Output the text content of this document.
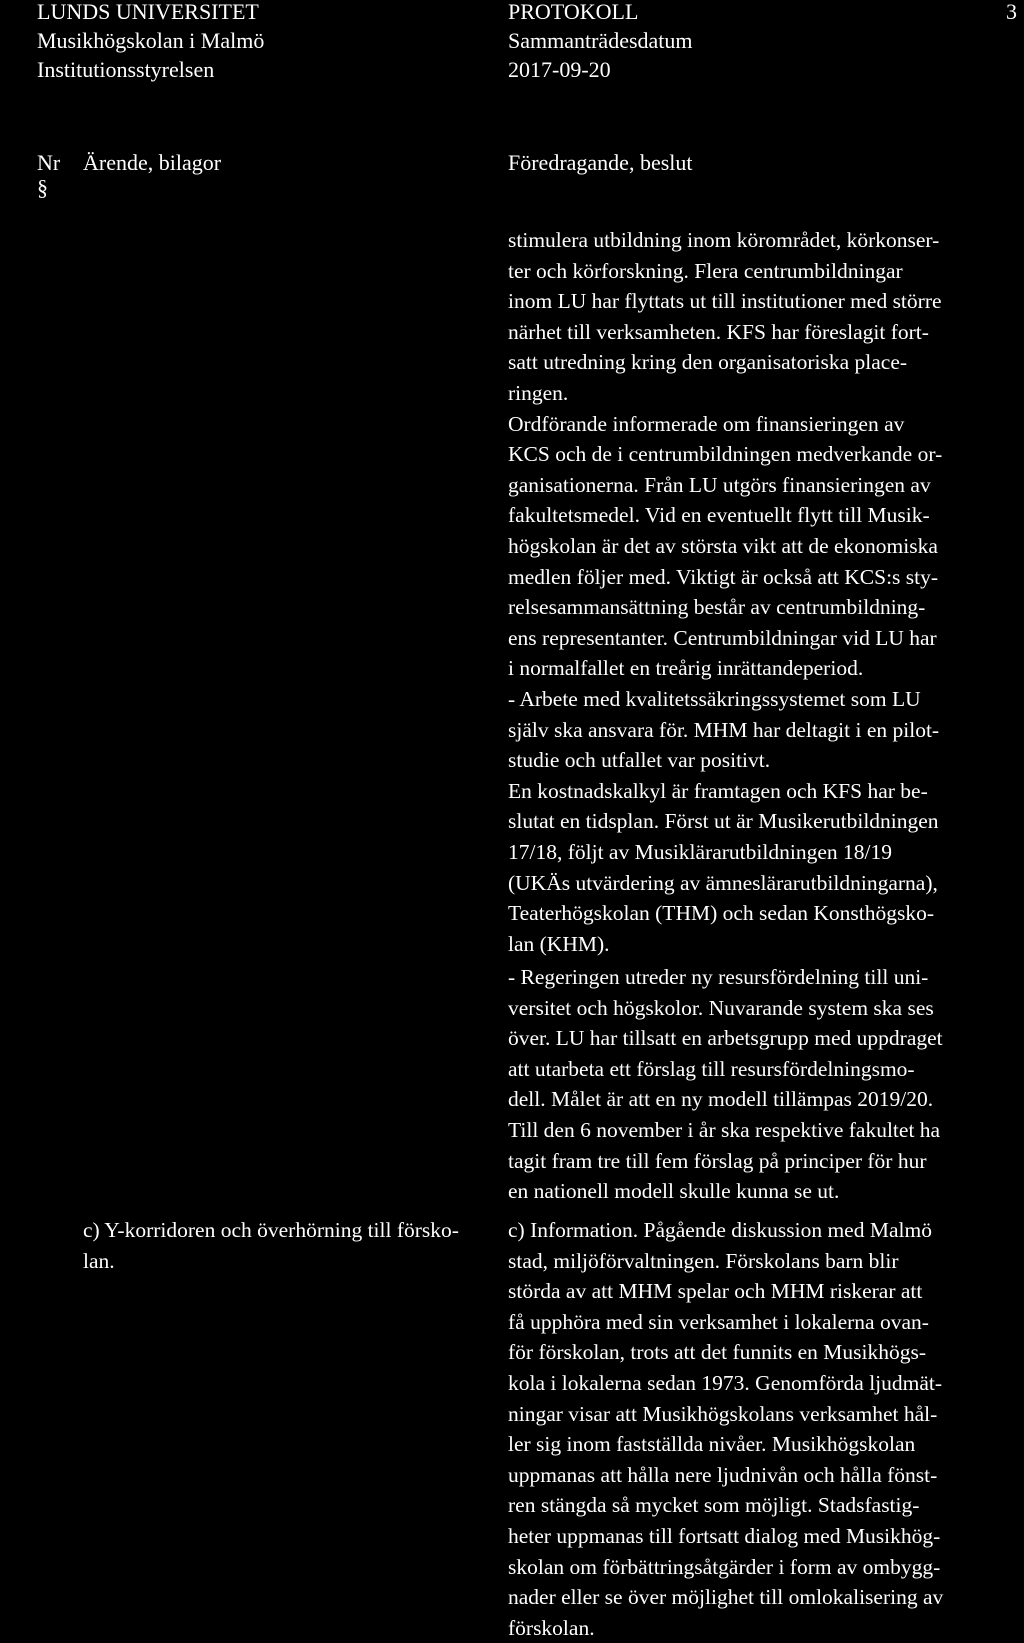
LUNDS UNIVERSITET
Musikhögskolan i Malmö
Institutionsstyrelsen
PROTOKOLL
Sammanträdesdatum
2017-09-20
3
Nr
§
Ärende, bilagor	Föredragande, beslut
stimulera utbildning inom körområdet, körkonser-
ter och körforskning. Flera centrumbildningar
inom LU har flyttats ut till institutioner med större
närhet till verksamheten. KFS har föreslagit fort-
satt utredning kring den organisatoriska place-
ringen.
Ordförande informerade om finansieringen av
KCS och de i centrumbildningen medverkande or-
ganisationerna. Från LU utgörs finansieringen av
fakultetsmedel. Vid en eventuellt flytt till Musik-
högskolan är det av största vikt att de ekonomiska
medlen följer med. Viktigt är också att KCS:s sty-
relsesammansättning består av centrumbildning-
ens representanter. Centrumbildningar vid LU har
i normalfallet en treårig inrättandeperiod.
- Arbete med kvalitetssäkringssystemet som LU
själv ska ansvara för. MHM har deltagit i en pilot-
studie och utfallet var positivt.
En kostnadskalkyl är framtagen och KFS har be-
slutat en tidsplan. Först ut är Musikerutbildningen
17/18, följt av Musiklärarutbildningen 18/19
(UKÄs utvärdering av ämneslärarutbildningarna),
Teaterhögskolan (THM) och sedan Konsthögsko-
lan (KHM).
- Regeringen utreder ny resursfördelning till uni-
versitet och högskolor. Nuvarande system ska ses
över. LU har tillsatt en arbetsgrupp med uppdraget
att utarbeta ett förslag till resursfördelningsmo-
dell. Målet är att en ny modell tillämpas 2019/20.
Till den 6 november i år ska respektive fakultet ha
tagit fram tre till fem förslag på principer för hur
en nationell modell skulle kunna se ut.
c) Y-korridoren och överhörning till försko-
lan.
c) Information. Pågående diskussion med Malmö
stad, miljöförvaltningen. Förskolans barn blir
störda av att MHM spelar och MHM riskerar att
få upphöra med sin verksamhet i lokalerna ovan-
för förskolan, trots att det funnits en Musikhögs-
kola i lokalerna sedan 1973. Genomförda ljudmät-
ningar visar att Musikhögskolans verksamhet hål-
ler sig inom fastställda nivåer. Musikhögskolan
uppmanas att hålla nere ljudnivån och hålla fönst-
ren stängda så mycket som möjligt. Stadsfastig-
heter uppmanas till fortsatt dialog med Musikhög-
skolan om förbättringsåtgärder i form av ombygg-
nader eller se över möjlighet till omlokalisering av
förskolan.
